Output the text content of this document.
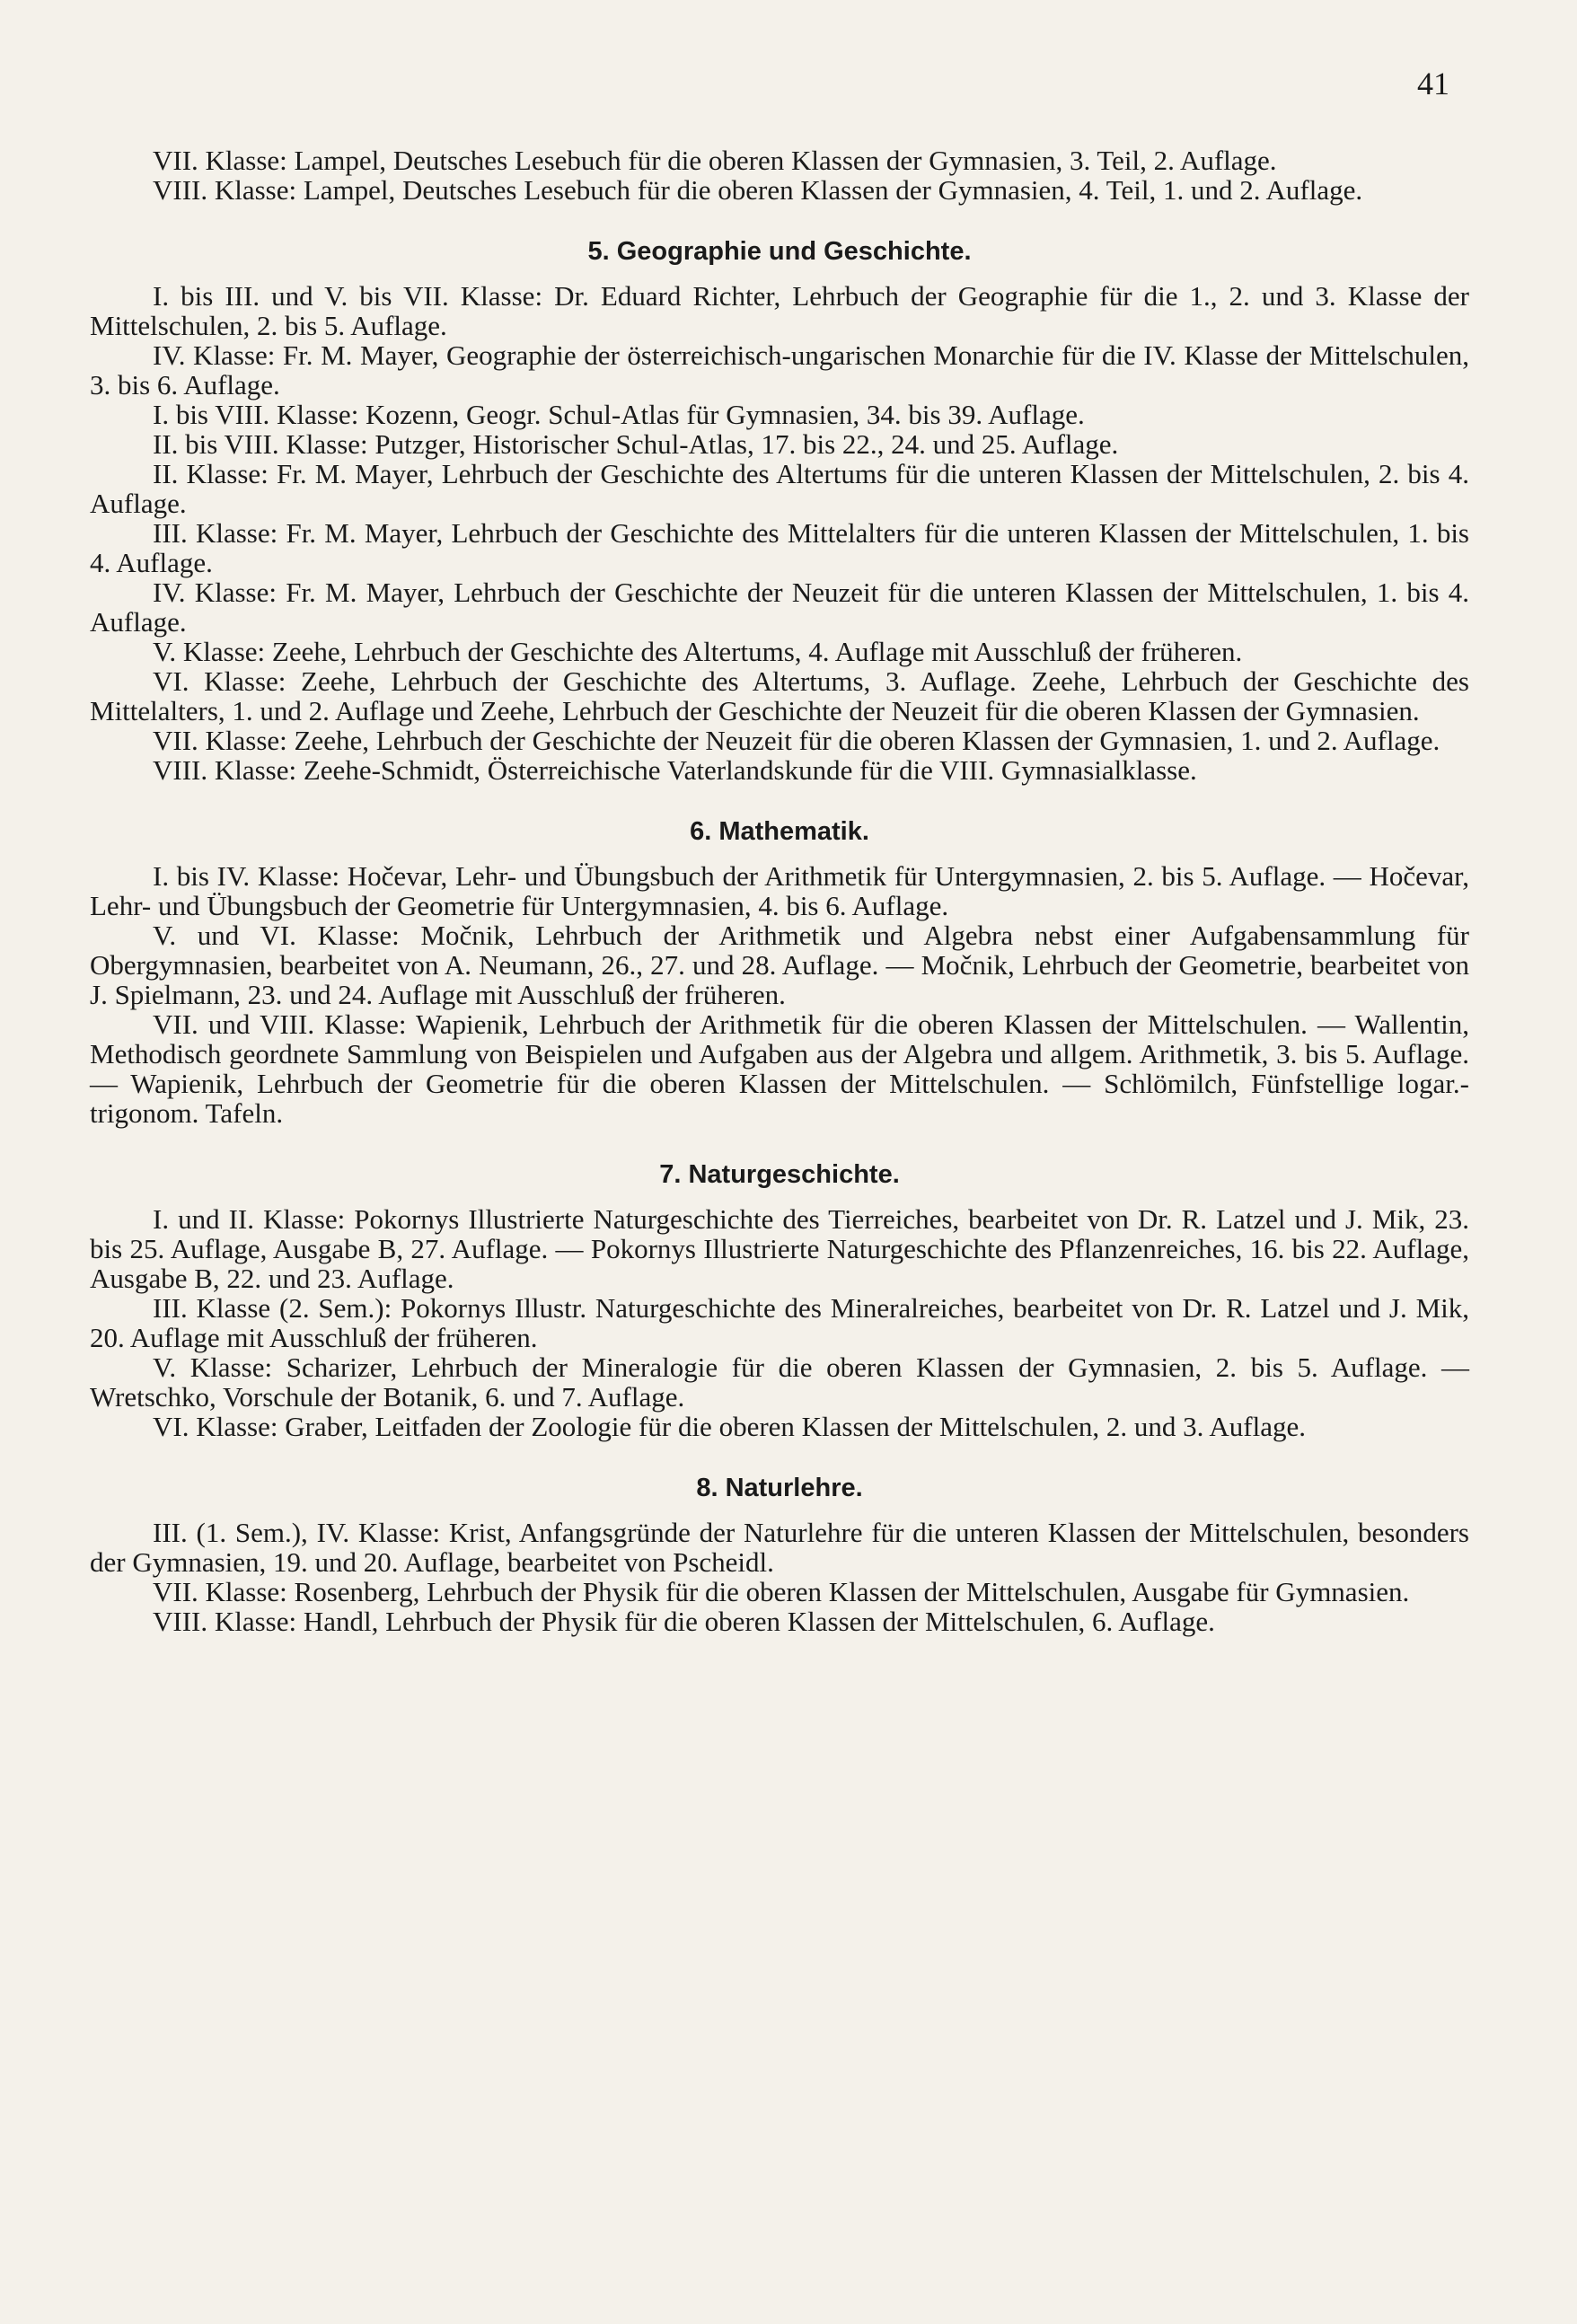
41
VII. Klasse: Lampel, Deutsches Lesebuch für die oberen Klassen der Gymnasien, 3. Teil, 2. Auflage.
VIII. Klasse: Lampel, Deutsches Lesebuch für die oberen Klassen der Gymnasien, 4. Teil, 1. und 2. Auflage.
5. Geographie und Geschichte.
I. bis III. und V. bis VII. Klasse: Dr. Eduard Richter, Lehrbuch der Geographie für die 1., 2. und 3. Klasse der Mittelschulen, 2. bis 5. Auflage.
IV. Klasse: Fr. M. Mayer, Geographie der österreichisch-ungarischen Monarchie für die IV. Klasse der Mittelschulen, 3. bis 6. Auflage.
I. bis VIII. Klasse: Kozenn, Geogr. Schul-Atlas für Gymnasien, 34. bis 39. Auflage.
II. bis VIII. Klasse: Putzger, Historischer Schul-Atlas, 17. bis 22., 24. und 25. Auflage.
II. Klasse: Fr. M. Mayer, Lehrbuch der Geschichte des Altertums für die unteren Klassen der Mittelschulen, 2. bis 4. Auflage.
III. Klasse: Fr. M. Mayer, Lehrbuch der Geschichte des Mittelalters für die unteren Klassen der Mittelschulen, 1. bis 4. Auflage.
IV. Klasse: Fr. M. Mayer, Lehrbuch der Geschichte der Neuzeit für die unteren Klassen der Mittelschulen, 1. bis 4. Auflage.
V. Klasse: Zeehe, Lehrbuch der Geschichte des Altertums, 4. Auflage mit Ausschluß der früheren.
VI. Klasse: Zeehe, Lehrbuch der Geschichte des Altertums, 3. Auflage. Zeehe, Lehrbuch der Geschichte des Mittelalters, 1. und 2. Auflage und Zeehe, Lehrbuch der Geschichte der Neuzeit für die oberen Klassen der Gymnasien.
VII. Klasse: Zeehe, Lehrbuch der Geschichte der Neuzeit für die oberen Klassen der Gymnasien, 1. und 2. Auflage.
VIII. Klasse: Zeehe-Schmidt, Österreichische Vaterlandskunde für die VIII. Gymnasialklasse.
6. Mathematik.
I. bis IV. Klasse: Hočevar, Lehr- und Übungsbuch der Arithmetik für Untergymnasien, 2. bis 5. Auflage. — Hočevar, Lehr- und Übungsbuch der Geometrie für Untergymnasien, 4. bis 6. Auflage.
V. und VI. Klasse: Močnik, Lehrbuch der Arithmetik und Algebra nebst einer Aufgabensammlung für Obergymnasien, bearbeitet von A. Neumann, 26., 27. und 28. Auflage. — Močnik, Lehrbuch der Geometrie, bearbeitet von J. Spielmann, 23. und 24. Auflage mit Ausschluß der früheren.
VII. und VIII. Klasse: Wapienik, Lehrbuch der Arithmetik für die oberen Klassen der Mittelschulen. — Wallentin, Methodisch geordnete Sammlung von Beispielen und Aufgaben aus der Algebra und allgem. Arithmetik, 3. bis 5. Auflage. — Wapienik, Lehrbuch der Geometrie für die oberen Klassen der Mittelschulen. — Schlömilch, Fünfstellige logar.-trigonom. Tafeln.
7. Naturgeschichte.
I. und II. Klasse: Pokornys Illustrierte Naturgeschichte des Tierreiches, bearbeitet von Dr. R. Latzel und J. Mik, 23. bis 25. Auflage, Ausgabe B, 27. Auflage. — Pokornys Illustrierte Naturgeschichte des Pflanzenreiches, 16. bis 22. Auflage, Ausgabe B, 22. und 23. Auflage.
III. Klasse (2. Sem.): Pokornys Illustr. Naturgeschichte des Mineralreiches, bearbeitet von Dr. R. Latzel und J. Mik, 20. Auflage mit Ausschluß der früheren.
V. Klasse: Scharizer, Lehrbuch der Mineralogie für die oberen Klassen der Gymnasien, 2. bis 5. Auflage. — Wretschko, Vorschule der Botanik, 6. und 7. Auflage.
VI. Klasse: Graber, Leitfaden der Zoologie für die oberen Klassen der Mittelschulen, 2. und 3. Auflage.
8. Naturlehre.
III. (1. Sem.), IV. Klasse: Krist, Anfangsgründe der Naturlehre für die unteren Klassen der Mittelschulen, besonders der Gymnasien, 19. und 20. Auflage, bearbeitet von Pscheidl.
VII. Klasse: Rosenberg, Lehrbuch der Physik für die oberen Klassen der Mittelschulen, Ausgabe für Gymnasien.
VIII. Klasse: Handl, Lehrbuch der Physik für die oberen Klassen der Mittelschulen, 6. Auflage.
